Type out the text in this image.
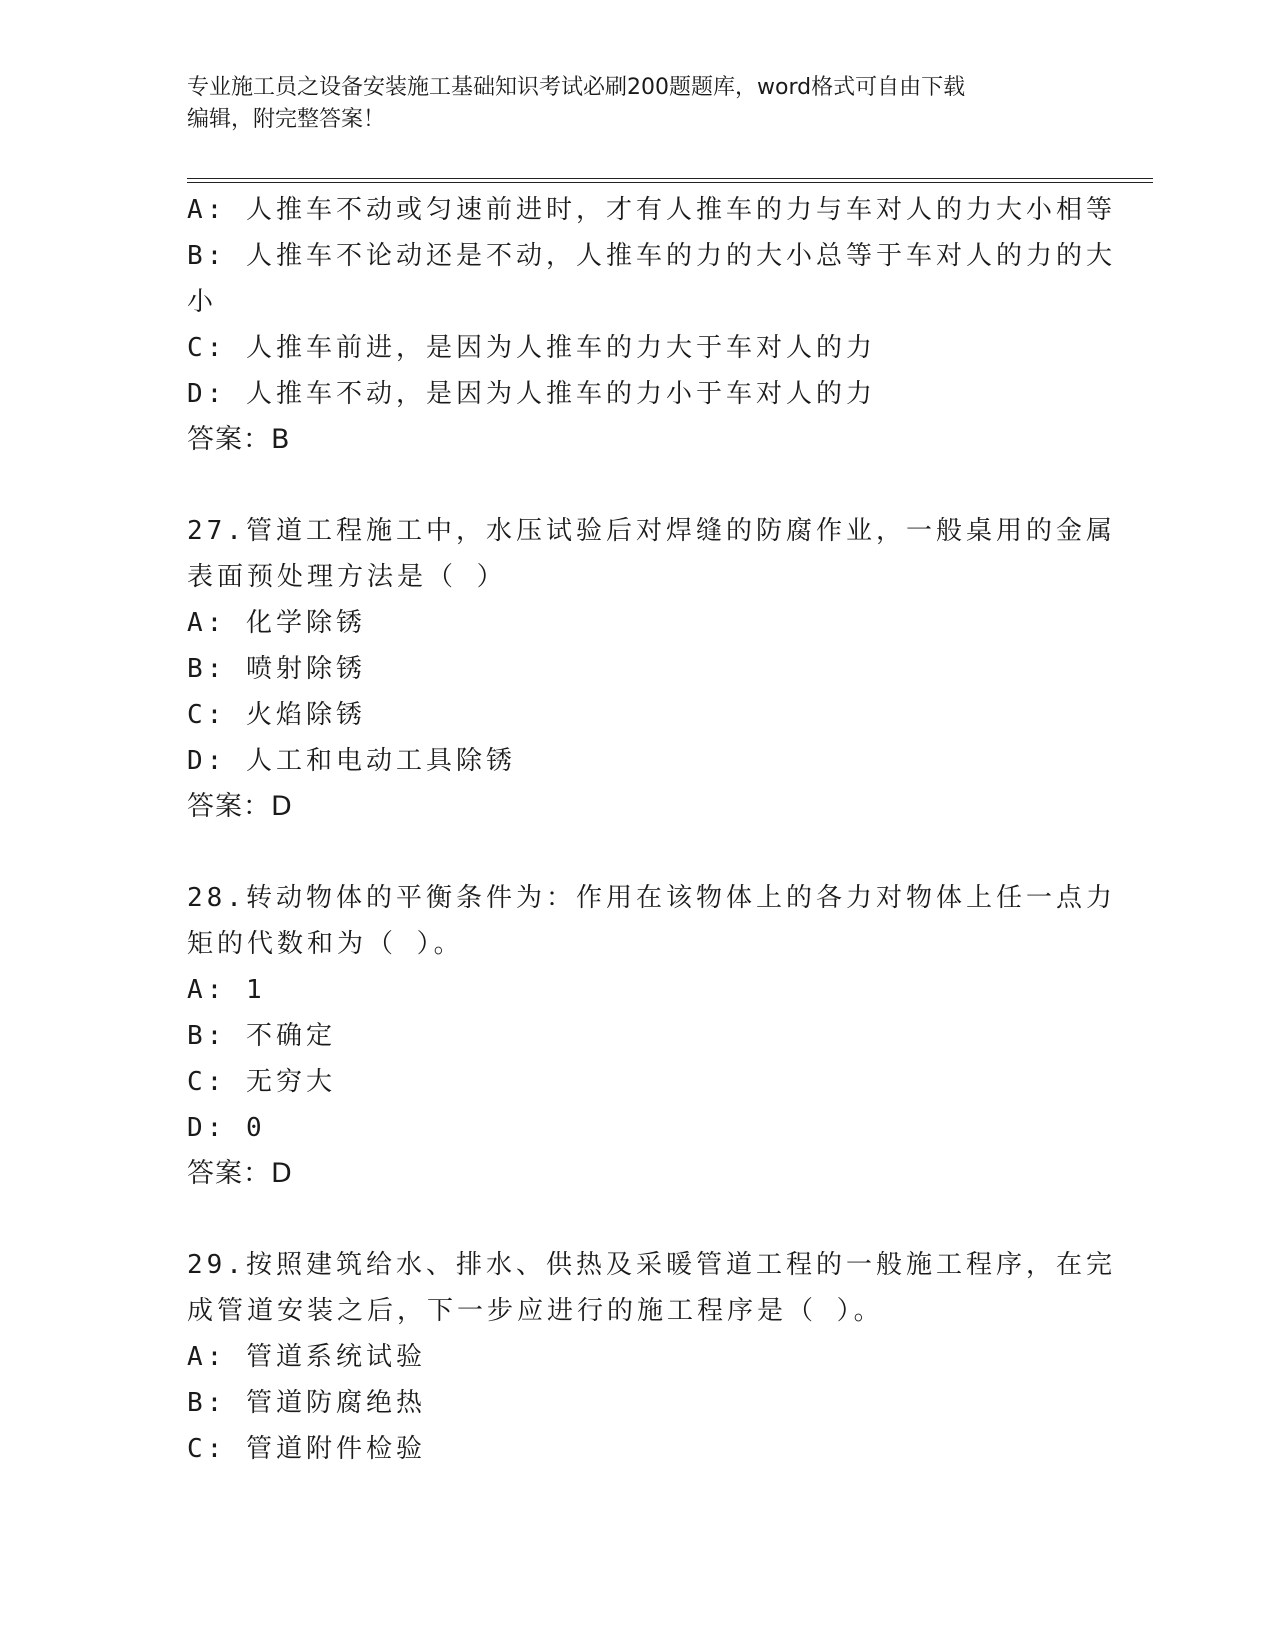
专业施工员之设备安装施工基础知识考试必刷200题题库，word格式可自由下载
编辑，附完整答案！
A: 人推车不动或匀速前进时，才有人推车的力与车对人的力大小相等
B: 人推车不论动还是不动，人推车的力的大小总等于车对人的力的大
小
C: 人推车前进，是因为人推车的力大于车对人的力
D: 人推车不动，是因为人推车的力小于车对人的力
答案：B
27.管道工程施工中，水压试验后对焊缝的防腐作业，一般桌用的金属
表面预处理方法是（ ）
A: 化学除锈
B: 喷射除锈
C: 火焰除锈
D: 人工和电动工具除锈
答案：D
28.转动物体的平衡条件为：作用在该物体上的各力对物体上任一点力
矩的代数和为（ ）。
A: 1
B: 不确定
C: 无穷大
D: 0
答案：D
29.按照建筑给水、排水、供热及采暖管道工程的一般施工程序，在完
成管道安装之后，下一步应进行的施工程序是（ ）。
A: 管道系统试验
B: 管道防腐绝热
C: 管道附件检验
